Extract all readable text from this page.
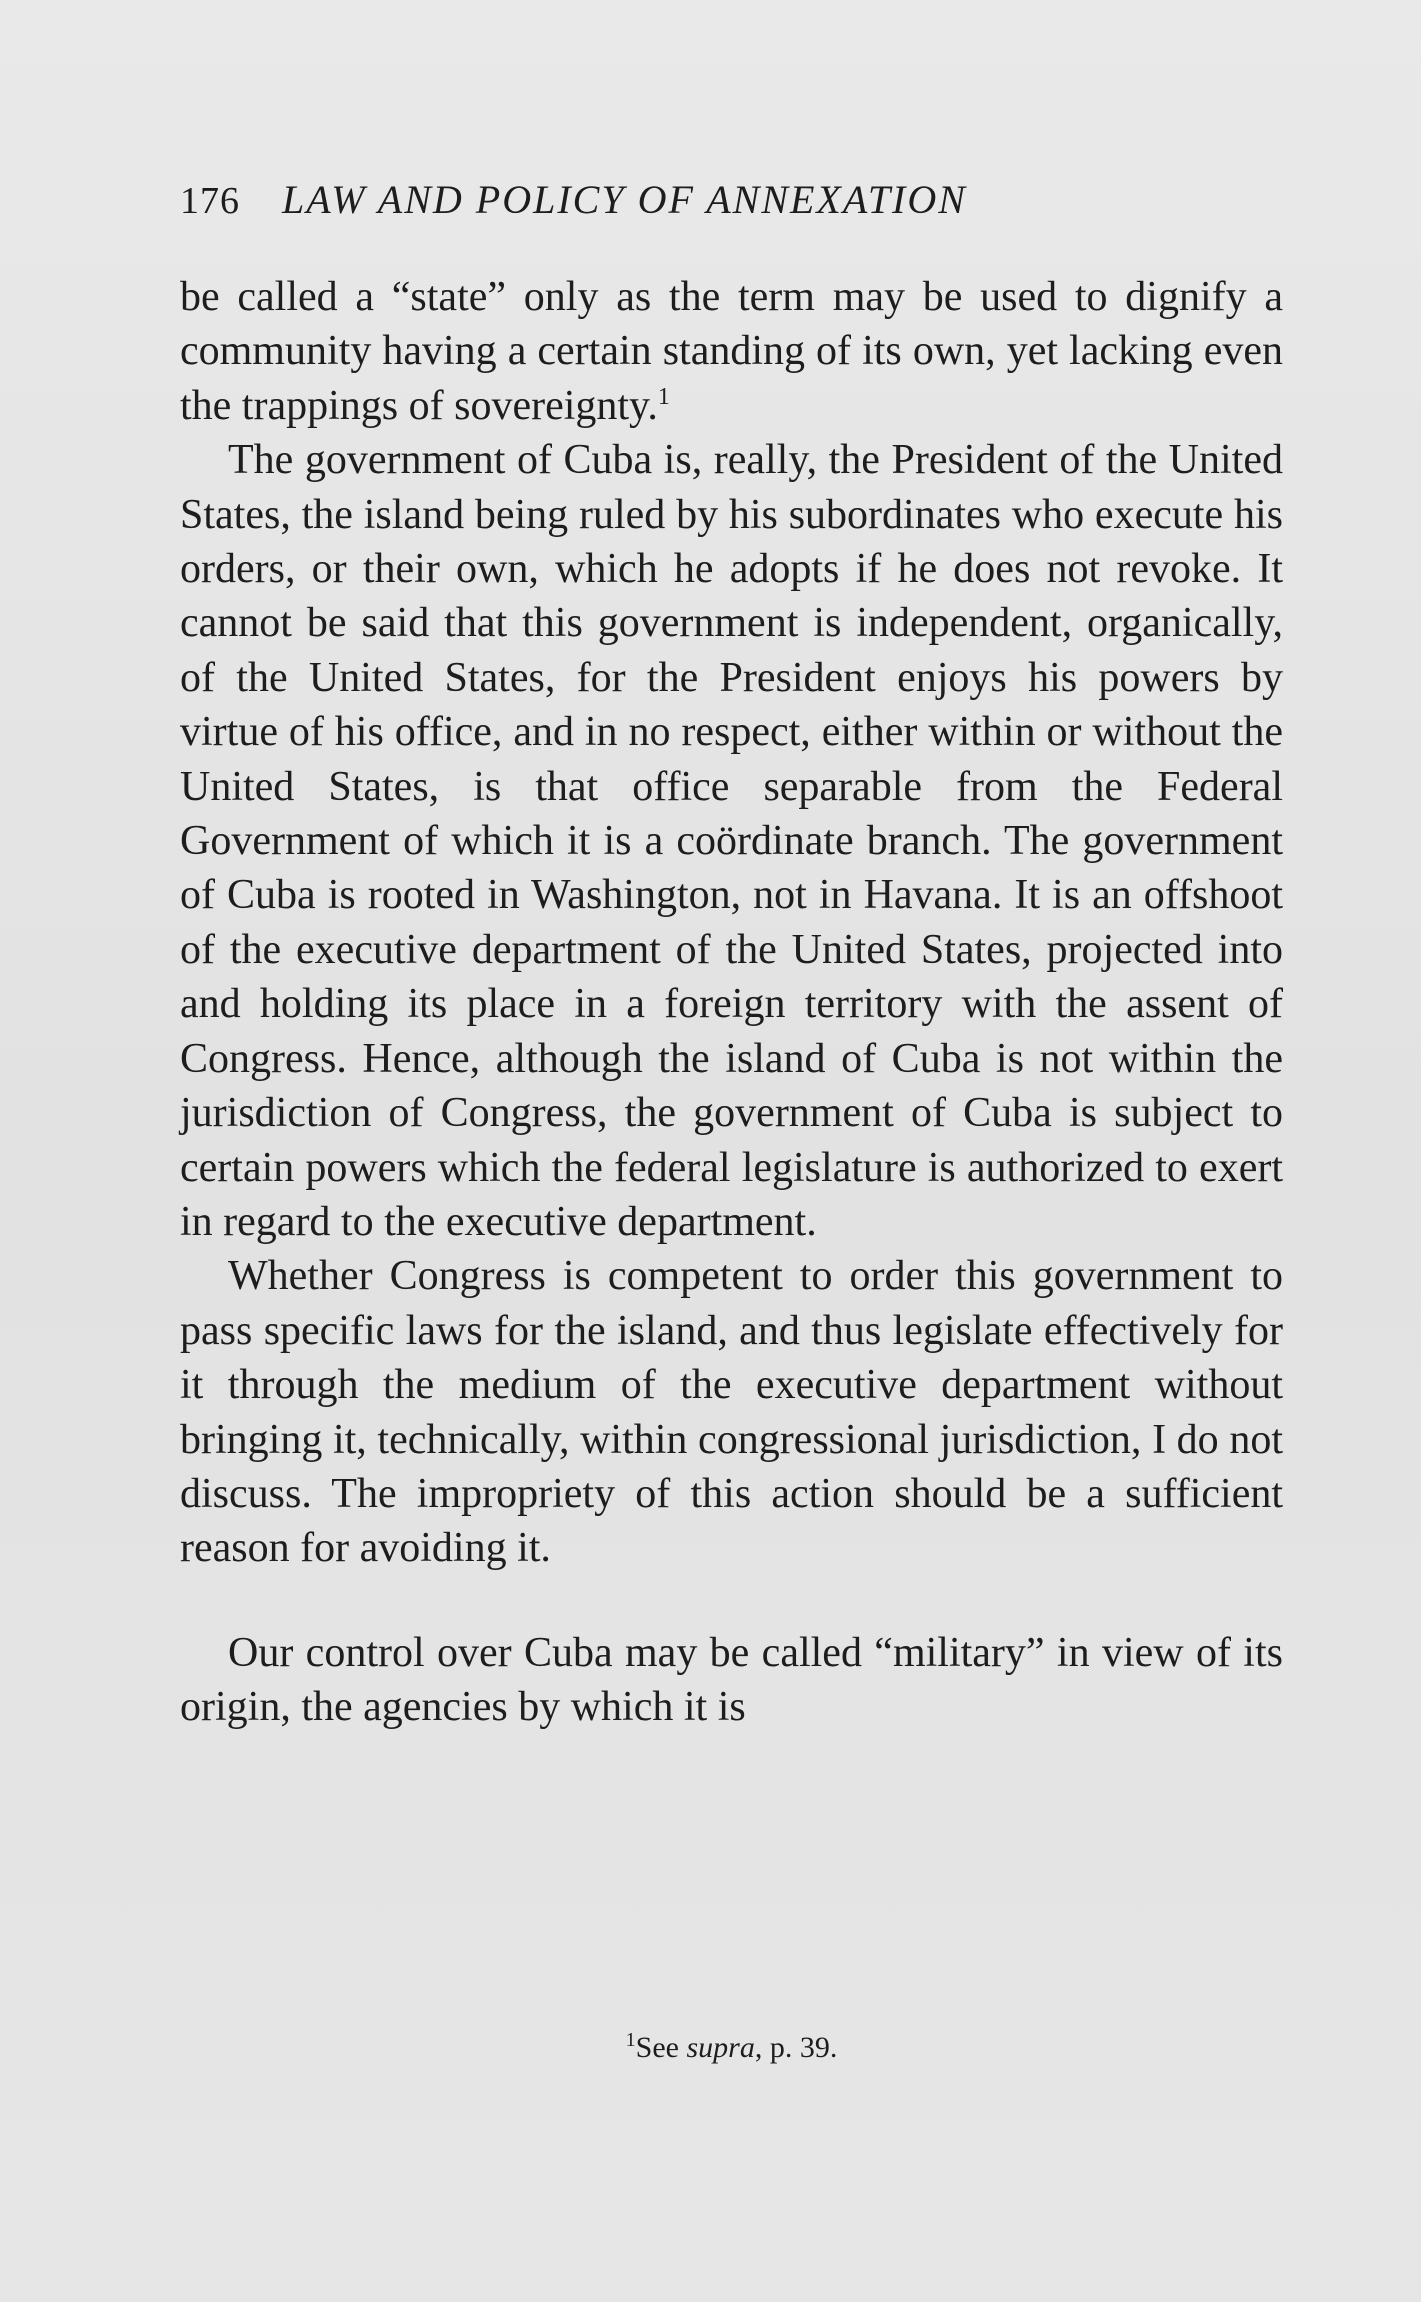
176 LAW AND POLICY OF ANNEXATION

be called a “state” only as the term may be used to dignify a community having a certain standing of its own, yet lacking even the trappings of sovereignty.$^1$

The government of Cuba is, really, the President of the United States, the island being ruled by his subordinates who execute his orders, or their own, which he adopts if he does not revoke. It cannot be said that this government is independent, organically, of the United States, for the President enjoys his powers by virtue of his office, and in no respect, either within or without the United States, is that office separable from the Federal Government of which it is a coördinate branch. The government of Cuba is rooted in Washington, not in Havana. It is an offshoot of the executive department of the United States, projected into and holding its place in a foreign territory with the assent of Congress. Hence, although the island of Cuba is not within the jurisdiction of Congress, the government of Cuba is subject to certain powers which the federal legislature is authorized to exert in regard to the executive department.

Whether Congress is competent to order this government to pass specific laws for the island, and thus legislate effectively for it through the medium of the executive department without bringing it, technically, within congressional jurisdiction, I do not discuss. The impropriety of this action should be a sufficient reason for avoiding it.

Our control over Cuba may be called “military” in view of its origin, the agencies by which it is

$^1$See supra, p. 39.
